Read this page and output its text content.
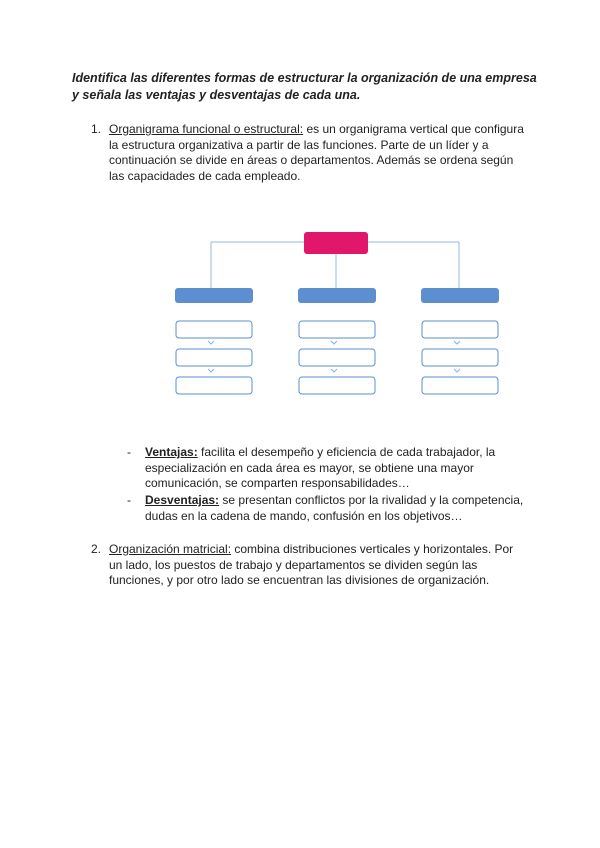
Identifica las diferentes formas de estructurar la organización de una empresa
y señala las ventajas y desventajas de cada una.
1. Organigrama funcional o estructural: es un organigrama vertical que configura
la estructura organizativa a partir de las funciones. Parte de un líder y a
continuación se divide en áreas o departamentos. Además se ordena según
las capacidades de cada empleado.
- Ventajas: facilita el desempeño y eficiencia de cada trabajador, la
especialización en cada área es mayor, se obtiene una mayor
comunicación, se comparten responsabilidades…
- Desventajas: se presentan conflictos por la rivalidad y la competencia,
dudas en la cadena de mando, confusión en los objetivos…
2. Organización matricial: combina distribuciones verticales y horizontales. Por
un lado, los puestos de trabajo y departamentos se dividen según las
funciones, y por otro lado se encuentran las divisiones de organización.
